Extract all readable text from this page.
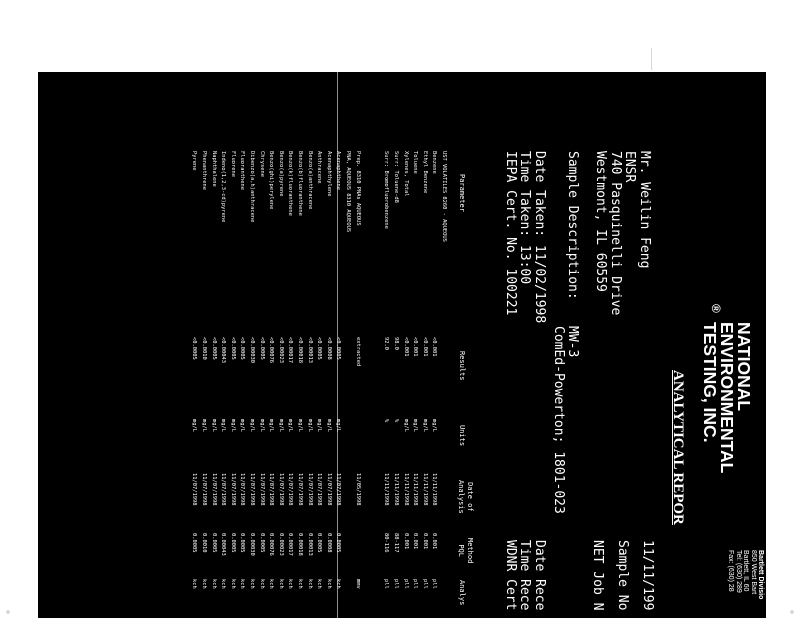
NATIONAL
ENVIRONMENTAL
TESTING, INC.
®
Bartlett Divisio
850 West Bart
Bartlett, IL 60
Tel: (630) 289
Fax: (630) 28
ANALYTICAL REPOR
11/11/199
Sample No
NET Job N
Mr. Weilin Feng
ENSR
740 Pasquinelli Drive
Westmont, IL 60559
Sample Description:
MW-3
ComEd-Powerton; 1801-023
Date Taken: 11/02/1998
Time Taken: 13:00
IEPA Cert. No. 100221
Date Rece
Time Rece
WDNR Cert
Parameter
Results
Units
Date of
Analysis
Method
PQL
Analys
UST VOLATILES 8260 - AQUEOUS
Benzene
<0.001
mg/L
11/11/1998
0.001
pll
Ethyl Benzene
<0.001
mg/L
11/11/1998
0.001
pll
Toluene
<0.001
mg/L
11/11/1998
0.001
pll
Xylenes, Total
<0.001
mg/L
11/11/1998
0.001
pll
Surr: Toluene-d8
98.0
%
11/11/1998
88-117
pll
Surr: Bromofluorobenzene
92.0
%
11/11/1998
80-116
pll
Prep. 8310 PNAs AQUEOUS
extracted
11/05/1998
mmv
PNA, AQUEOUS 8310 AQUEOUS
Acenaphthene
<0.0005
mg/L
11/07/1998
0.0005
kch
Acenaphthylene
<0.0008
mg/L
11/07/1998
0.0008
kch
Anthracene
<0.0005
mg/L
11/07/1998
0.0005
kch
Benzo(a)anthracene
<0.00013
mg/L
11/07/1998
0.00013
kch
Benzo(b)fluoranthene
<0.00018
mg/L
11/07/1998
0.00018
kch
Benzo(k)fluoranthene
<0.00017
mg/L
11/07/1998
0.00017
kch
Benzo(a)pyrene
<0.00023
mg/L
11/07/1998
0.00023
kch
Benzo(ghi)perylene
<0.00076
mg/L
11/07/1998
0.00076
kch
Chrysene
<0.0005
mg/L
11/07/1998
0.0005
kch
Dibenzo(a,h)anthracene
<0.00030
mg/L
11/07/1998
0.00030
kch
Fluoranthene
<0.0005
mg/L
11/07/1998
0.0005
kch
Fluorene
<0.0005
mg/L
11/07/1998
0.0005
kch
Indeno(1,2,3-cd)pyrene
<0.00043
mg/L
11/07/1998
0.00043
kch
Naphthalene
<0.0005
mg/L
11/07/1998
0.0005
kch
Phenanthrene
<0.0010
mg/L
11/07/1998
0.0010
kch
Pyrene
<0.0005
mg/L
11/07/1998
0.0005
kch
